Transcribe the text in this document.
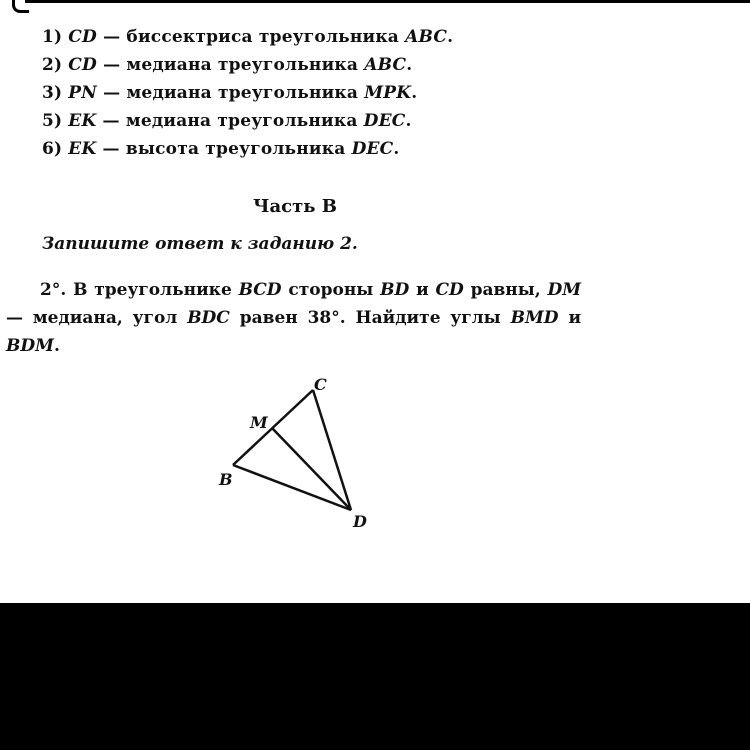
1) CD — биссектриса треугольника ABC.
2) CD — медиана треугольника ABC.
3) PN — медиана треугольника MPK.
5) EK — медиана треугольника DEC.
6) EK — высота треугольника DEC.
Часть В
Запишите ответ к заданию 2.
2°. В треугольнике BCD стороны BD и CD равны, DM — медиана, угол BDC равен 38°. Найдите углы BMD и BDM.
C
M
B
D
